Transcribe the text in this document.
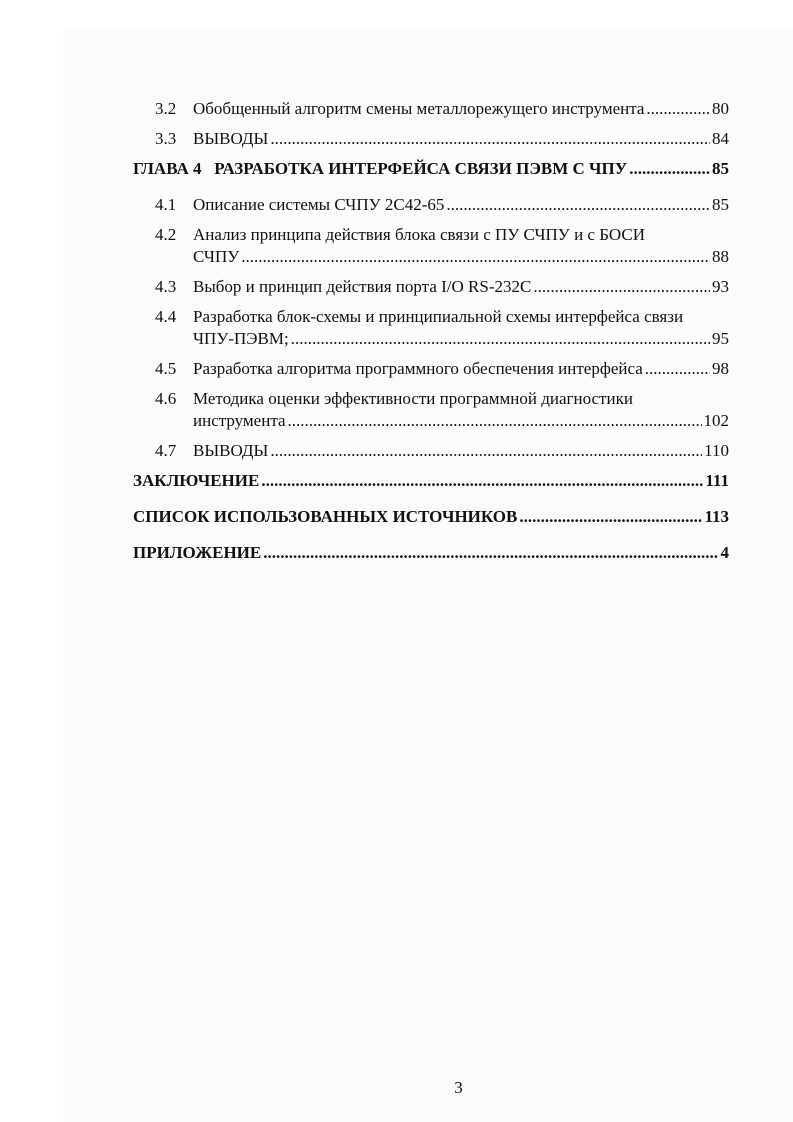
3.2 Обобщенный алгоритм смены металлорежущего инструмента .....	80
3.3 ВЫВОДЫ .....	84
ГЛАВА 4   РАЗРАБОТКА ИНТЕРФЕЙСА СВЯЗИ ПЭВМ С ЧПУ .....	85
4.1 Описание системы СЧПУ 2С42-65 .....	85
4.2 Анализ принципа действия блока связи с ПУ СЧПУ и с БОСИ
СЧПУ .....	88
4.3 Выбор и принцип действия порта I/O RS-232C .....	93
4.4 Разработка блок-схемы и принципиальной схемы интерфейса связи
ЧПУ-ПЭВМ; .....	95
4.5 Разработка алгоритма программного обеспечения интерфейса .....	98
4.6 Методика оценки эффективности программной диагностики
инструмента .....	102
4.7 ВЫВОДЫ .....	110
ЗАКЛЮЧЕНИЕ .....	111
СПИСОК ИСПОЛЬЗОВАННЫХ ИСТОЧНИКОВ .....	113
ПРИЛОЖЕНИЕ .....	4
3
